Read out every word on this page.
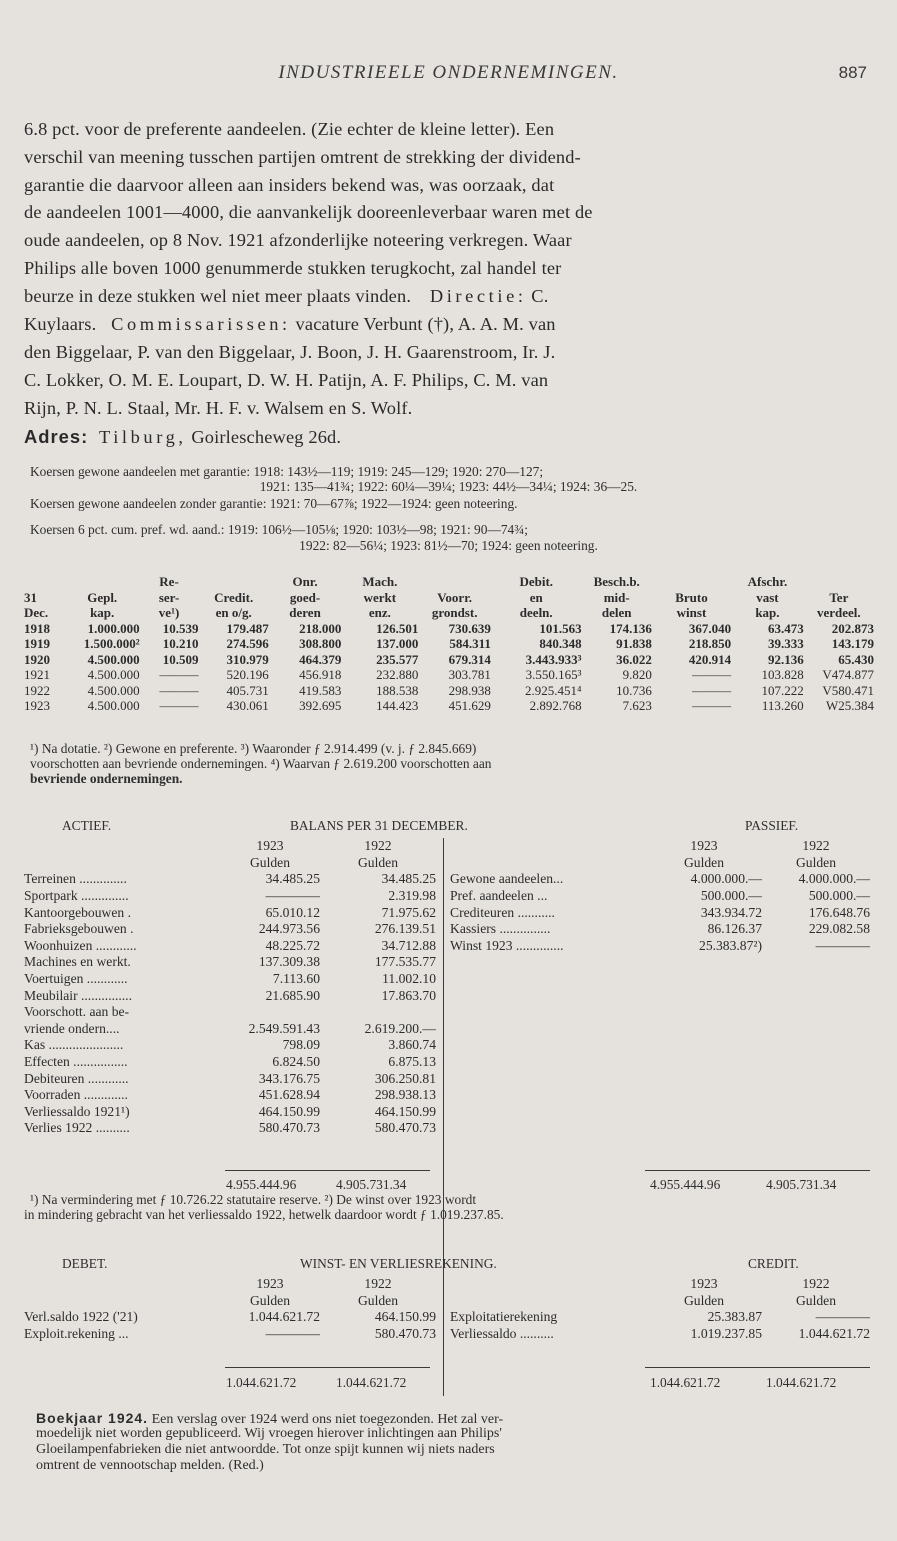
INDUSTRIEELE ONDERNEMINGEN.	887
6.8 pct. voor de preferente aandeelen. (Zie echter de kleine letter). Een
verschil van meening tusschen partijen omtrent de strekking der dividend-
garantie die daarvoor alleen aan insiders bekend was, was oorzaak, dat
de aandeelen 1001—4000, die aanvankelijk dooreenleverbaar waren met de
oude aandeelen, op 8 Nov. 1921 afzonderlijke noteering verkregen. Waar
Philips alle boven 1000 genummerde stukken terugkocht, zal handel ter
beurze in deze stukken wel niet meer plaats vinden. Directie: C.
Kuylaars. Commissarissen: vacature Verbunt (†), A. A. M. van
den Biggelaar, P. van den Biggelaar, J. Boon, J. H. Gaarenstroom, Ir. J.
C. Lokker, O. M. E. Loupart, D. W. H. Patijn, A. F. Philips, C. M. van
Rijn, P. N. L. Staal, Mr. H. F. v. Walsem en S. Wolf.
Adres: Tilburg, Goirlescheweg 26d.
Koersen gewone aandeelen met garantie: 1918: 143½—119; 1919: 245—129; 1920: 270—127;
1921: 135—41¾; 1922: 60¼—39¼; 1923: 44½—34¼; 1924: 36—25.
Koersen gewone aandeelen zonder garantie: 1921: 70—67⅞; 1922—1924: geen noteering.
Koersen 6 pct. cum. pref. wd. aand.: 1919: 106½—105⅛; 1920: 103½—98; 1921: 90—74¾;
1922: 82—56¼; 1923: 81½—70; 1924: geen noteering.
		Re-		Onr.	Mach.		Debit.	Besch.b.		Afschr.	
31	Gepl.	ser-	Credit.	goed-	werkt	Voorr.	en	mid-	Bruto	vast	Ter
Dec.	kap.	ve¹)	en o/g.	deren	enz.	grondst.	deeln.	delen	winst	kap.	verdeel.
1918	1.000.000	10.539	179.487	218.000	126.501	730.639	101.563	174.136	367.040	63.473	202.873
1919	1.500.000²	10.210	274.596	308.800	137.000	584.311	840.348	91.838	218.850	39.333	143.179
1920	4.500.000	10.509	310.979	464.379	235.577	679.314	3.443.933³	36.022	420.914	92.136	65.430
1921	4.500.000	———	520.196	456.918	232.880	303.781	3.550.165³	9.820	———	103.828	V474.877
1922	4.500.000	———	405.731	419.583	188.538	298.938	2.925.451⁴	10.736	———	107.222	V580.471
1923	4.500.000	———	430.061	392.695	144.423	451.629	2.892.768	7.623	———	113.260	W25.384
¹) Na dotatie. ²) Gewone en preferente. ³) Waaronder ƒ 2.914.499 (v. j. ƒ 2.845.669)
voorschotten aan bevriende ondernemingen. ⁴) Waarvan ƒ 2.619.200 voorschotten aan
bevriende ondernemingen.
ACTIEF.	BALANS PER 31 DECEMBER.	PASSIEF.
	1923	1922
	Gulden	Gulden
Terreinen ..............	34.485.25	34.485.25
Sportpark ..............	————	2.319.98
Kantoorgebouwen .	65.010.12	71.975.62
Fabrieksgebouwen .	244.973.56	276.139.51
Woonhuizen ............	48.225.72	34.712.88
Machines en werkt.	137.309.38	177.535.77
Voertuigen ............	7.113.60	11.002.10
Meubilair ...............	21.685.90	17.863.70
Voorschott. aan be-		
vriende ondern....	2.549.591.43	2.619.200.—
Kas ......................	798.09	3.860.74
Effecten ................	6.824.50	6.875.13
Debiteuren ............	343.176.75	306.250.81
Voorraden .............	451.628.94	298.938.13
Verliessaldo 1921¹)	464.150.99	464.150.99
Verlies 1922 ..........	580.470.73	580.470.73
4.955.444.96	4.905.731.34
	1923	1922
	Gulden	Gulden
Gewone aandeelen...	4.000.000.—	4.000.000.—
Pref. aandeelen ...	500.000.—	500.000.—
Crediteuren ...........	343.934.72	176.648.76
Kassiers ...............	86.126.37	229.082.58
Winst 1923 ..............	25.383.87²)	————
4.955.444.96	4.905.731.34
¹) Na vermindering met ƒ 10.726.22 statutaire reserve. ²) De winst over 1923 wordt
in mindering gebracht van het verliessaldo 1922, hetwelk daardoor wordt ƒ 1.019.237.85.
DEBET.	WINST- EN VERLIESREKENING.	CREDIT.
	1923	1922
	Gulden	Gulden
Verl.saldo 1922 ('21)	1.044.621.72	464.150.99
Exploit.rekening ...	————	580.470.73
	1923	1922
	Gulden	Gulden
Exploitatierekening	25.383.87	————
Verliessaldo ..........	1.019.237.85	1.044.621.72
1.044.621.72	1.044.621.72	1.044.621.72	1.044.621.72
Boekjaar 1924. Een verslag over 1924 werd ons niet toegezonden. Het zal ver-
moedelijk niet worden gepubliceerd. Wij vroegen hierover inlichtingen aan Philips'
Gloeilampenfabrieken die niet antwoordde. Tot onze spijt kunnen wij niets naders
omtrent de vennootschap melden. (Red.)
